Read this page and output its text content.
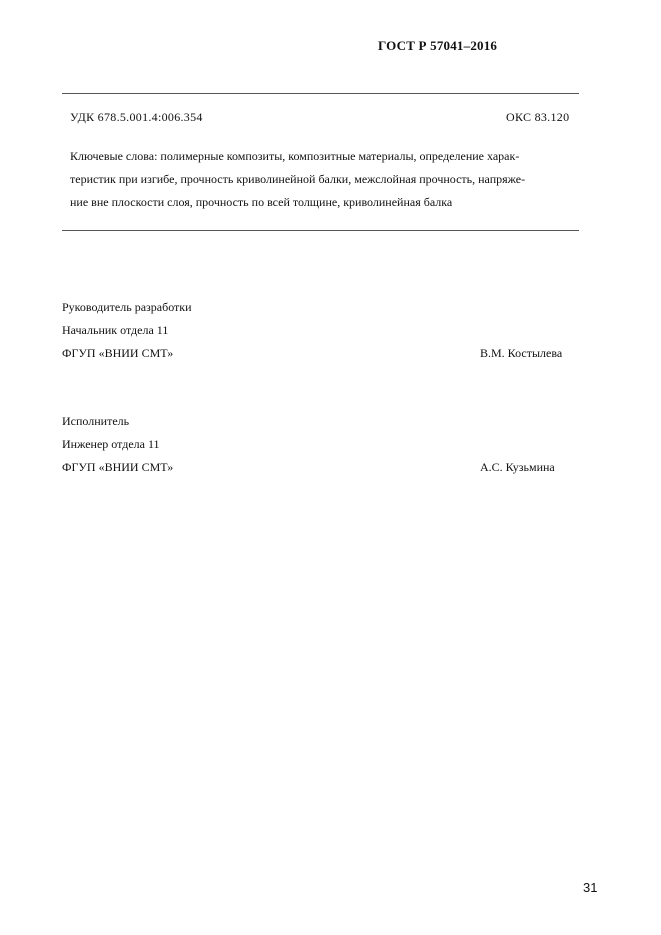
ГОСТ Р 57041–2016
УДК 678.5.001.4:006.354	ОКС 83.120
Ключевые слова: полимерные композиты, композитные материалы, определение харак-
теристик при изгибе, прочность криволинейной балки, межслойная прочность, напряже-
ние вне плоскости слоя, прочность по всей толщине, криволинейная балка
Руководитель разработки
Начальник отдела 11
ФГУП «ВНИИ СМТ»	В.М. Костылева
Исполнитель
Инженер отдела 11
ФГУП «ВНИИ СМТ»	А.С. Кузьмина
31
